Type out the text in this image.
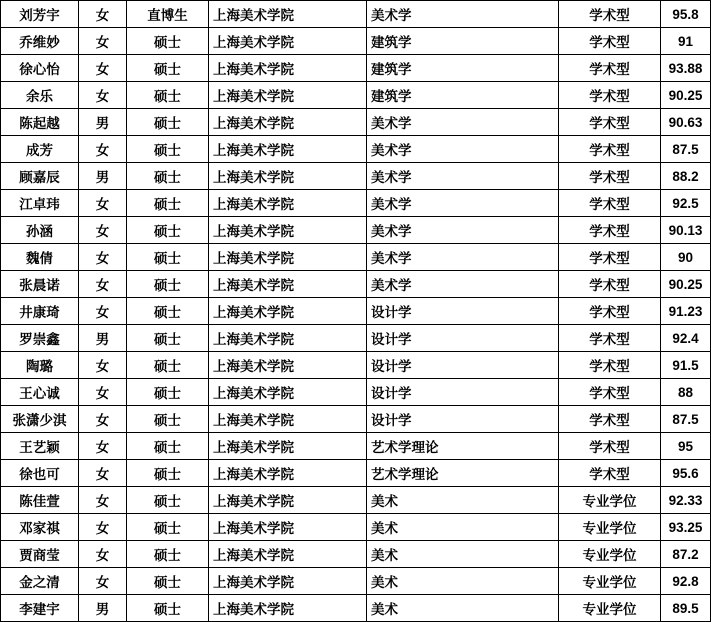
刘芳宇	女	直博生	上海美术学院	美术学	学术型	95.8
乔维妙	女	硕士	上海美术学院	建筑学	学术型	91
徐心怡	女	硕士	上海美术学院	建筑学	学术型	93.88
余乐	女	硕士	上海美术学院	建筑学	学术型	90.25
陈起越	男	硕士	上海美术学院	美术学	学术型	90.63
成芳	女	硕士	上海美术学院	美术学	学术型	87.5
顾嘉辰	男	硕士	上海美术学院	美术学	学术型	88.2
江卓玮	女	硕士	上海美术学院	美术学	学术型	92.5
孙涵	女	硕士	上海美术学院	美术学	学术型	90.13
魏倩	女	硕士	上海美术学院	美术学	学术型	90
张晨诺	女	硕士	上海美术学院	美术学	学术型	90.25
井康琦	女	硕士	上海美术学院	设计学	学术型	91.23
罗崇鑫	男	硕士	上海美术学院	设计学	学术型	92.4
陶璐	女	硕士	上海美术学院	设计学	学术型	91.5
王心诚	女	硕士	上海美术学院	设计学	学术型	88
张潇少淇	女	硕士	上海美术学院	设计学	学术型	87.5
王艺颖	女	硕士	上海美术学院	艺术学理论	学术型	95
徐也可	女	硕士	上海美术学院	艺术学理论	学术型	95.6
陈佳萱	女	硕士	上海美术学院	美术	专业学位	92.33
邓家祺	女	硕士	上海美术学院	美术	专业学位	93.25
贾商莹	女	硕士	上海美术学院	美术	专业学位	87.2
金之清	女	硕士	上海美术学院	美术	专业学位	92.8
李建宇	男	硕士	上海美术学院	美术	专业学位	89.5
